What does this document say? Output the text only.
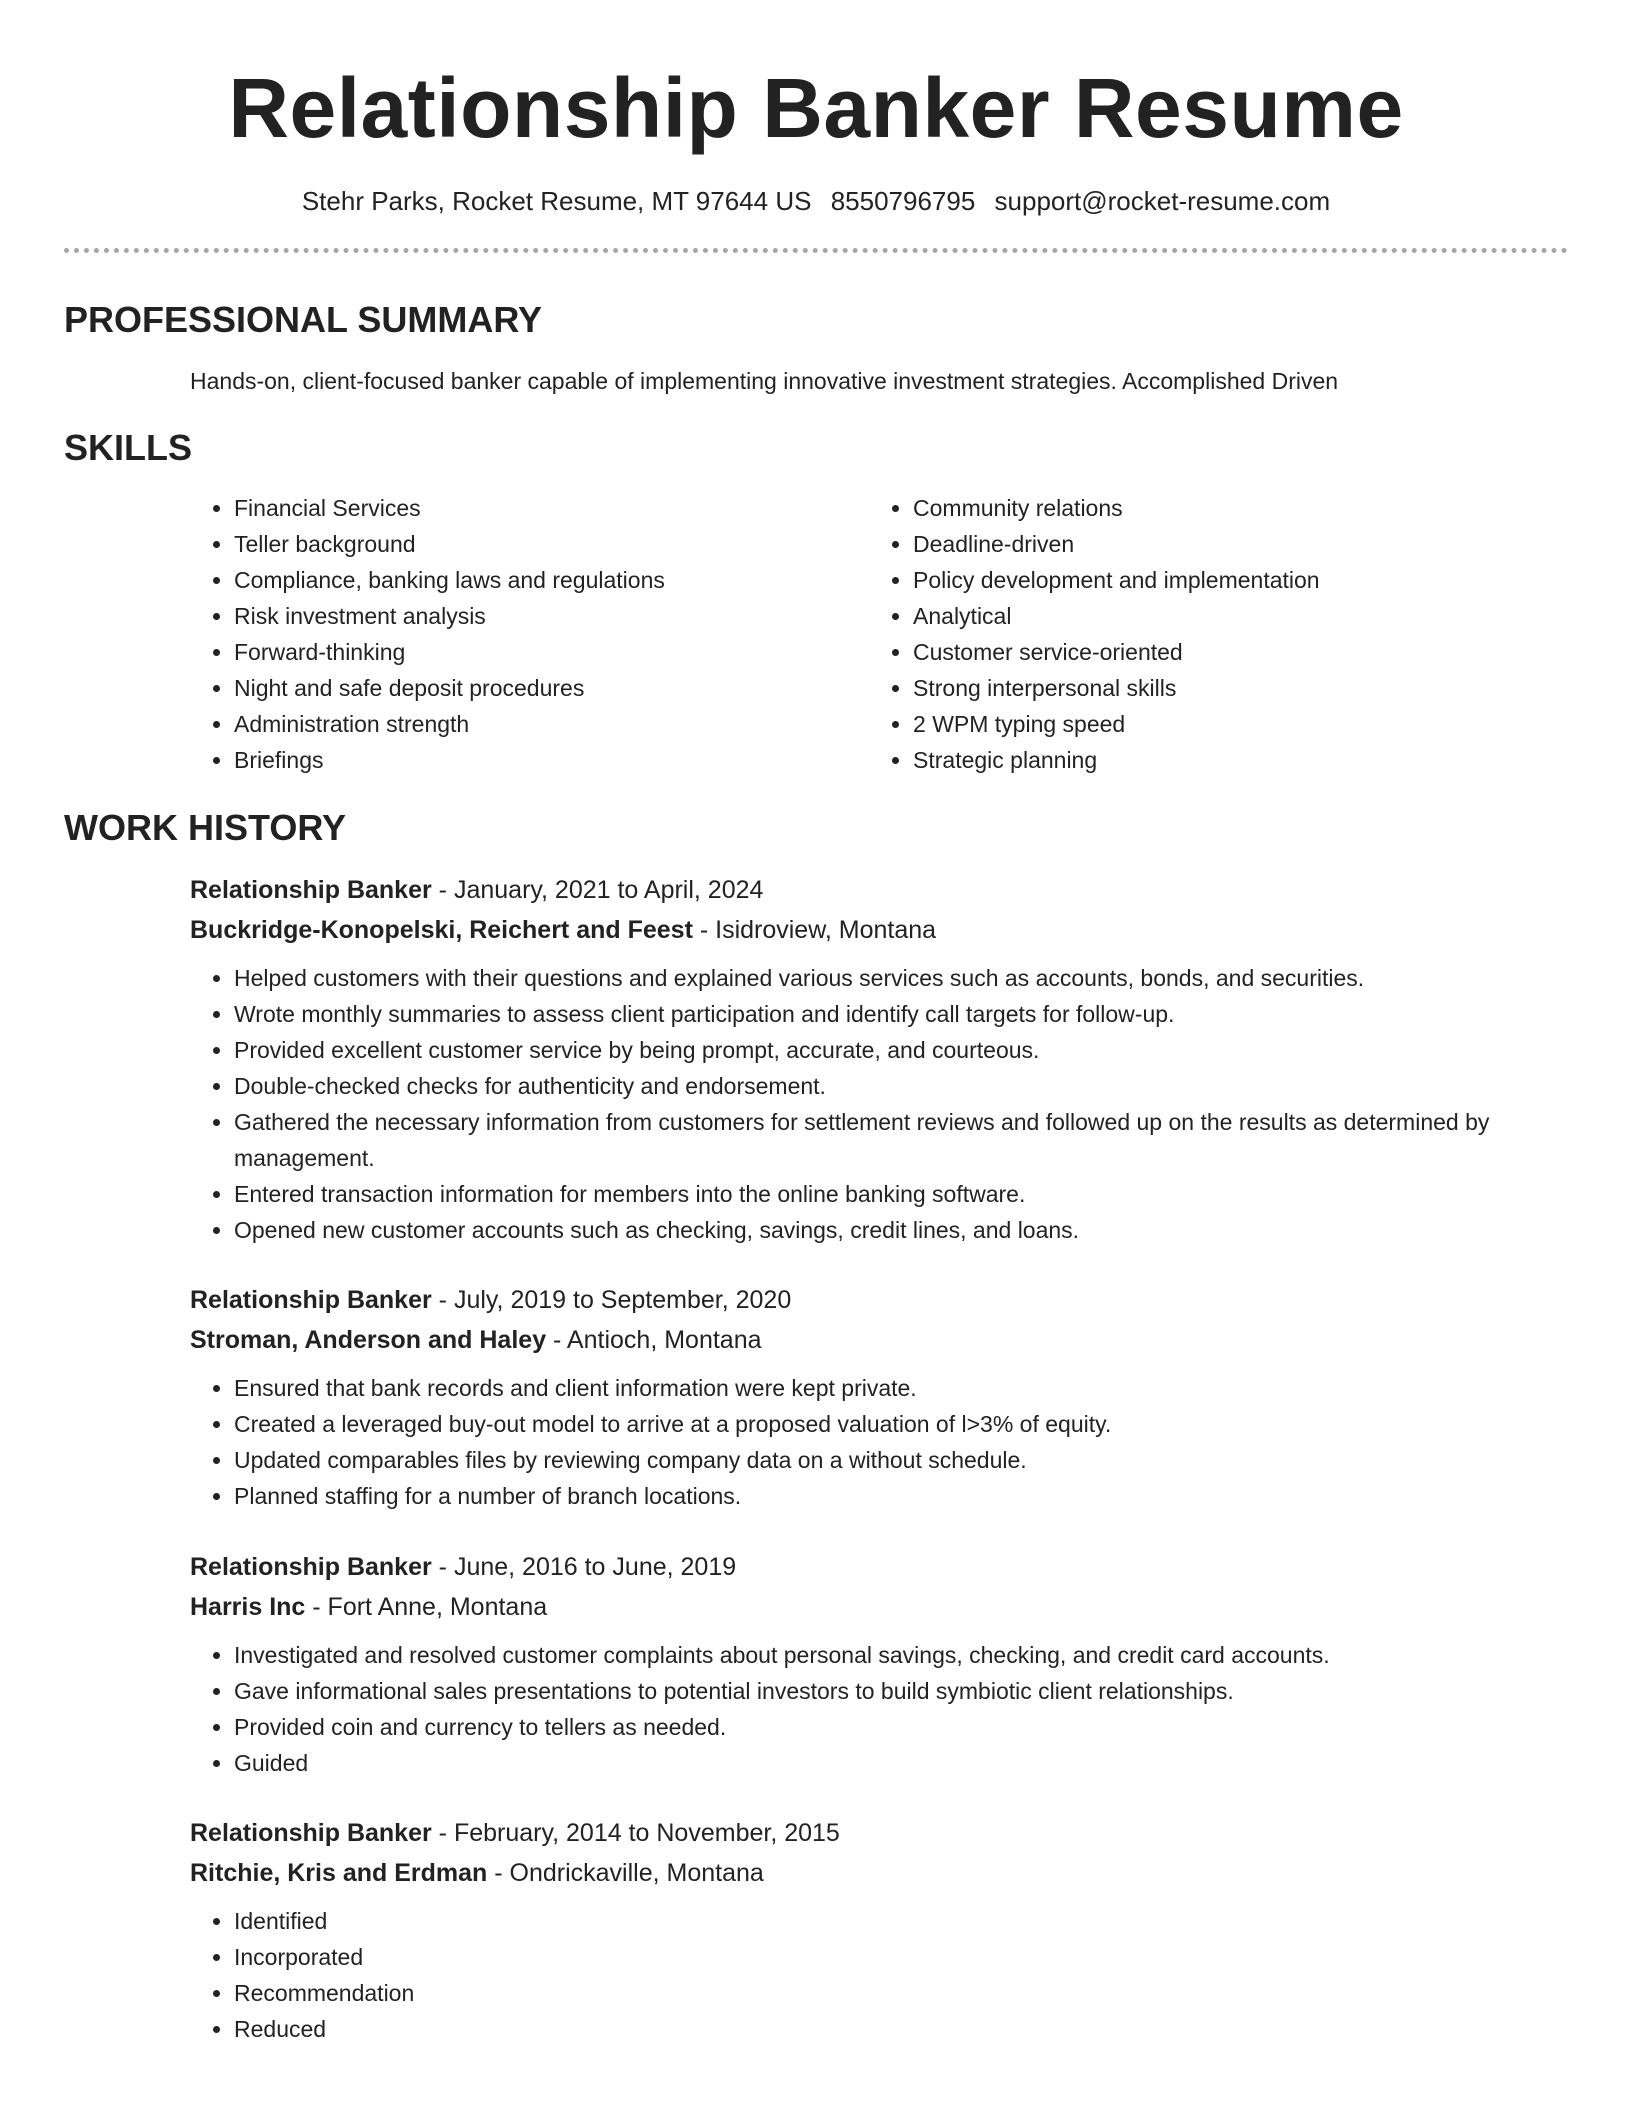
Relationship Banker Resume
Stehr Parks, Rocket Resume, MT 97644 US 8550796795 support@rocket-resume.com
PROFESSIONAL SUMMARY
Hands-on, client-focused banker capable of implementing innovative investment strategies. Accomplished Driven
SKILLS
• Financial Services
• Teller background
• Compliance, banking laws and regulations
• Risk investment analysis
• Forward-thinking
• Night and safe deposit procedures
• Administration strength
• Briefings
• Community relations
• Deadline-driven
• Policy development and implementation
• Analytical
• Customer service-oriented
• Strong interpersonal skills
• 2 WPM typing speed
• Strategic planning
WORK HISTORY
Relationship Banker - January, 2021 to April, 2024
Buckridge-Konopelski, Reichert and Feest - Isidroview, Montana
• Helped customers with their questions and explained various services such as accounts, bonds, and securities.
• Wrote monthly summaries to assess client participation and identify call targets for follow-up.
• Provided excellent customer service by being prompt, accurate, and courteous.
• Double-checked checks for authenticity and endorsement.
• Gathered the necessary information from customers for settlement reviews and followed up on the results as determined by management.
• Entered transaction information for members into the online banking software.
• Opened new customer accounts such as checking, savings, credit lines, and loans.
Relationship Banker - July, 2019 to September, 2020
Stroman, Anderson and Haley - Antioch, Montana
• Ensured that bank records and client information were kept private.
• Created a leveraged buy-out model to arrive at a proposed valuation of l>3% of equity.
• Updated comparables files by reviewing company data on a without schedule.
• Planned staffing for a number of branch locations.
Relationship Banker - June, 2016 to June, 2019
Harris Inc - Fort Anne, Montana
• Investigated and resolved customer complaints about personal savings, checking, and credit card accounts.
• Gave informational sales presentations to potential investors to build symbiotic client relationships.
• Provided coin and currency to tellers as needed.
• Guided
Relationship Banker - February, 2014 to November, 2015
Ritchie, Kris and Erdman - Ondrickaville, Montana
• Identified
• Incorporated
• Recommendation
• Reduced
